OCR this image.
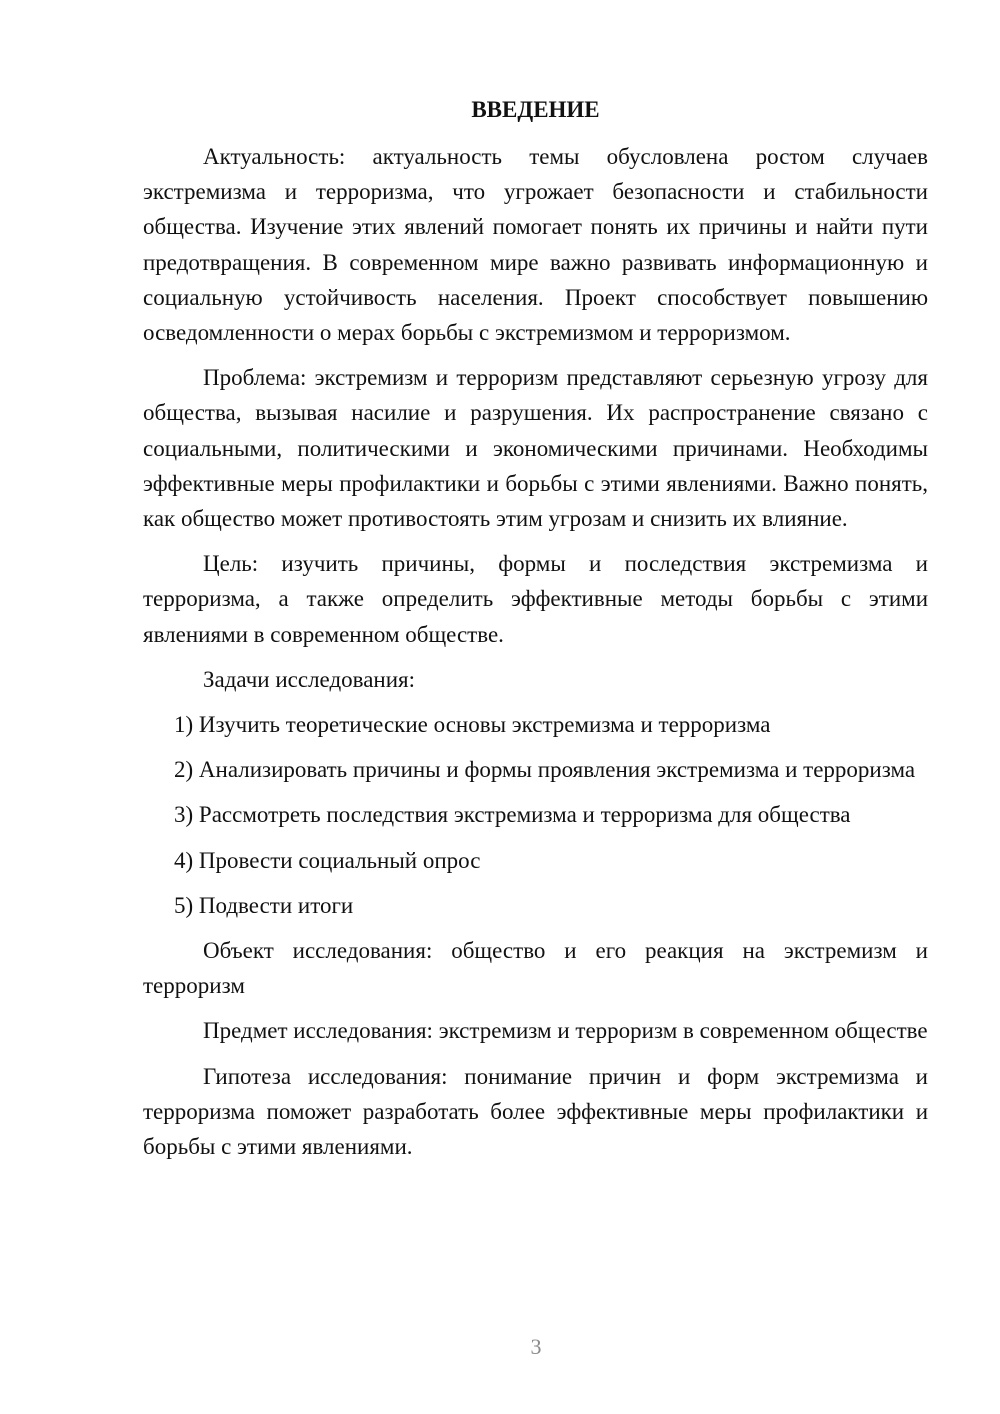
ВВЕДЕНИЕ

Актуальность: актуальность темы обусловлена ростом случаев экстремизма и терроризма, что угрожает безопасности и стабильности общества. Изучение этих явлений помогает понять их причины и найти пути предотвращения. В современном мире важно развивать информационную и социальную устойчивость населения. Проект способствует повышению осведомленности о мерах борьбы с экстремизмом и терроризмом.

Проблема: экстремизм и терроризм представляют серьезную угрозу для общества, вызывая насилие и разрушения. Их распространение связано с социальными, политическими и экономическими причинами. Необходимы эффективные меры профилактики и борьбы с этими явлениями. Важно понять, как общество может противостоять этим угрозам и снизить их влияние.

Цель: изучить причины, формы и последствия экстремизма и терроризма, а также определить эффективные методы борьбы с этими явлениями в современном обществе.

Задачи исследования:

1) Изучить теоретические основы экстремизма и терроризма

2) Анализировать причины и формы проявления экстремизма и терроризма

3) Рассмотреть последствия экстремизма и терроризма для общества

4) Провести социальный опрос

5) Подвести итоги

Объект исследования: общество и его реакция на экстремизм и терроризм

Предмет исследования: экстремизм и терроризм в современном обществе

Гипотеза исследования: понимание причин и форм экстремизма и терроризма поможет разработать более эффективные меры профилактики и борьбы с этими явлениями.

3
